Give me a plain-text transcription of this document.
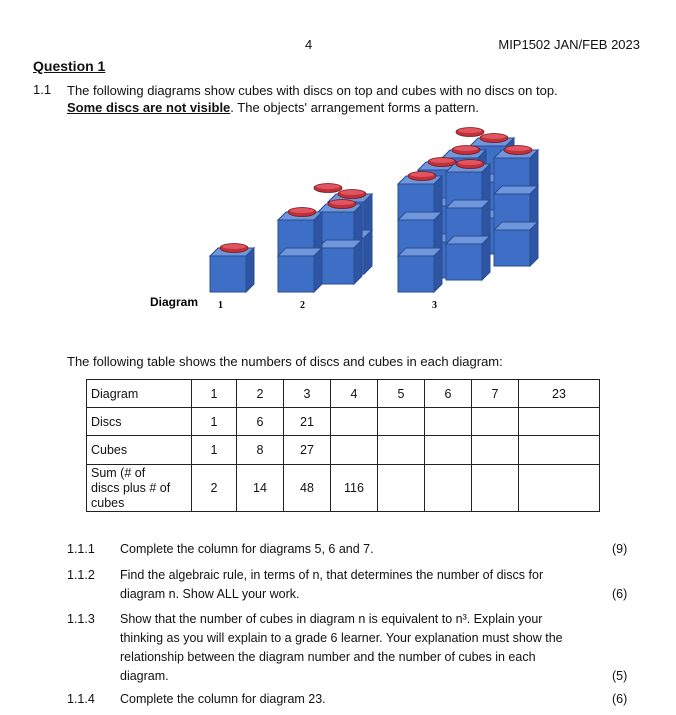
4	MIP1502 JAN/FEB 2023
Question 1
1.1 The following diagrams show cubes with discs on top and cubes with no discs on top.
Some discs are not visible. The objects' arrangement forms a pattern.
Diagram 1	2	3
The following table shows the numbers of discs and cubes in each diagram:
Diagram	1	2	3	4	5	6	7	23
Discs	1	6	21					
Cubes	1	8	27					
Sum (# of
discs plus # of
cubes	2	14	48	116				
1.1.1 Complete the column for diagrams 5, 6 and 7.	(9)
1.1.2 Find the algebraic rule, in terms of n, that determines the number of discs for
diagram n. Show ALL your work.	(6)
1.1.3 Show that the number of cubes in diagram n is equivalent to n³. Explain your
thinking as you will explain to a grade 6 learner. Your explanation must show the
relationship between the diagram number and the number of cubes in each
diagram.	(5)
1.1.4 Complete the column for diagram 23.	(6)
